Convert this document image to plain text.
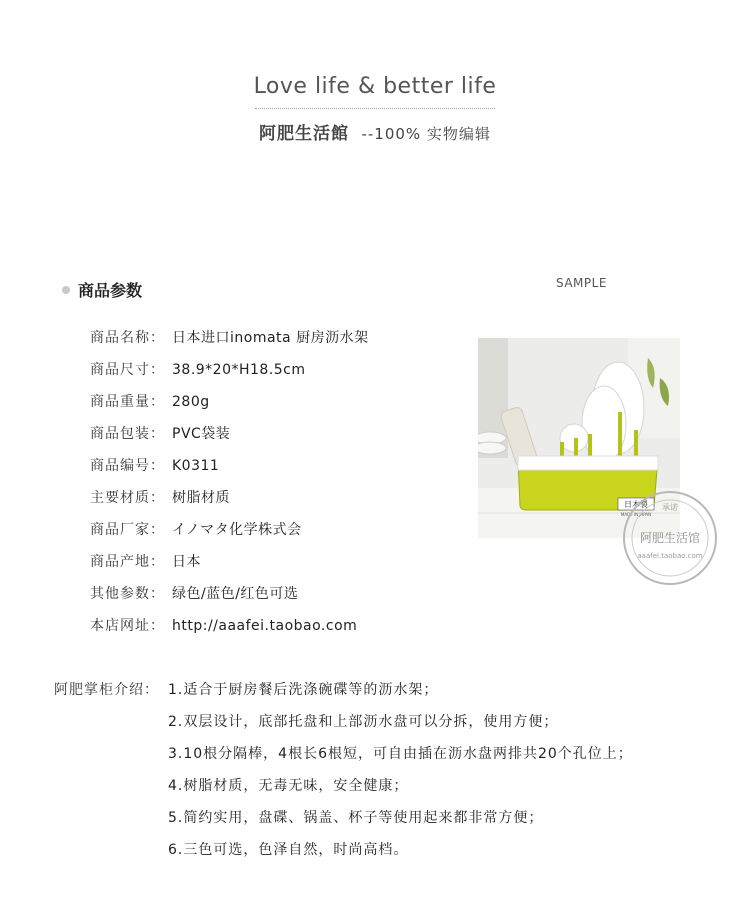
Love life & better life
阿肥生活館 --100% 实物编辑
商品参数
商品名称： 日本进口inomata 厨房沥水架
商品尺寸： 38.9*20*H18.5cm
商品重量： 280g
商品包装： PVC袋装
商品编号： K0311
主要材质： 树脂材质
商品厂家： イノマタ化学株式会
商品产地： 日本
其他参数： 绿色/蓝色/红色可选
本店网址： http://aaafei.taobao.com
SAMPLE
日本製
MADE IN JAPAN
承诺
阿肥生活馆
aaafei.taobao.com
阿肥掌柜介绍： 1.适合于厨房餐后洗涤碗碟等的沥水架；
2.双层设计，底部托盘和上部沥水盘可以分拆，使用方便；
3.10根分隔棒，4根长6根短，可自由插在沥水盘两排共20个孔位上；
4.树脂材质，无毒无味，安全健康；
5.简约实用，盘碟、锅盖、杯子等使用起来都非常方便；
6.三色可选，色泽自然，时尚高档。
